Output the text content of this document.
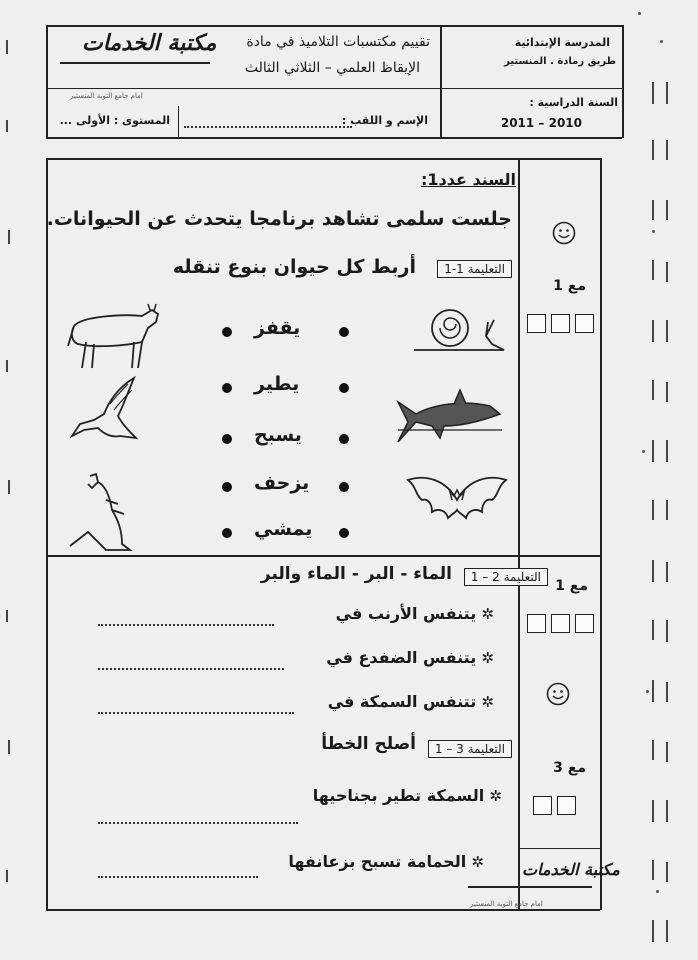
المدرسة الإبتدائية
طريق رمادة . المنستير
السنة الدراسية :
2011 – 2010
تقييم مكتسبات التلاميذ في مادة
الإيقاظ العلمي – الثلاثي الثالث
مكتبة الخدمات
امام جامع التوبة المنستير
الإسم و اللقب :
المستوى : الأولى ...
السند عدد1:
جلست سلمى تشاهد برنامجا يتحدث عن الحيوانات.
التعليمة 1-1
أربط كل حيوان بنوع تنقله
يقفز
يطير
يسبح
يزحف
يمشي
التعليمة 2 – 1
الماء - البر - الماء والبر
✲ يتنفس الأرنب في
✲ يتنفس الضفدع في
✲ تتنفس السمكة في
التعليمة 3 – 1
أصلح الخطأ
✲ السمكة تطير بجناحيها
✲ الحمامة تسبح بزعانفها
مع 1
مع 1
مع 3
مكتبة الخدمات
امام جامع التوبة المنستير
